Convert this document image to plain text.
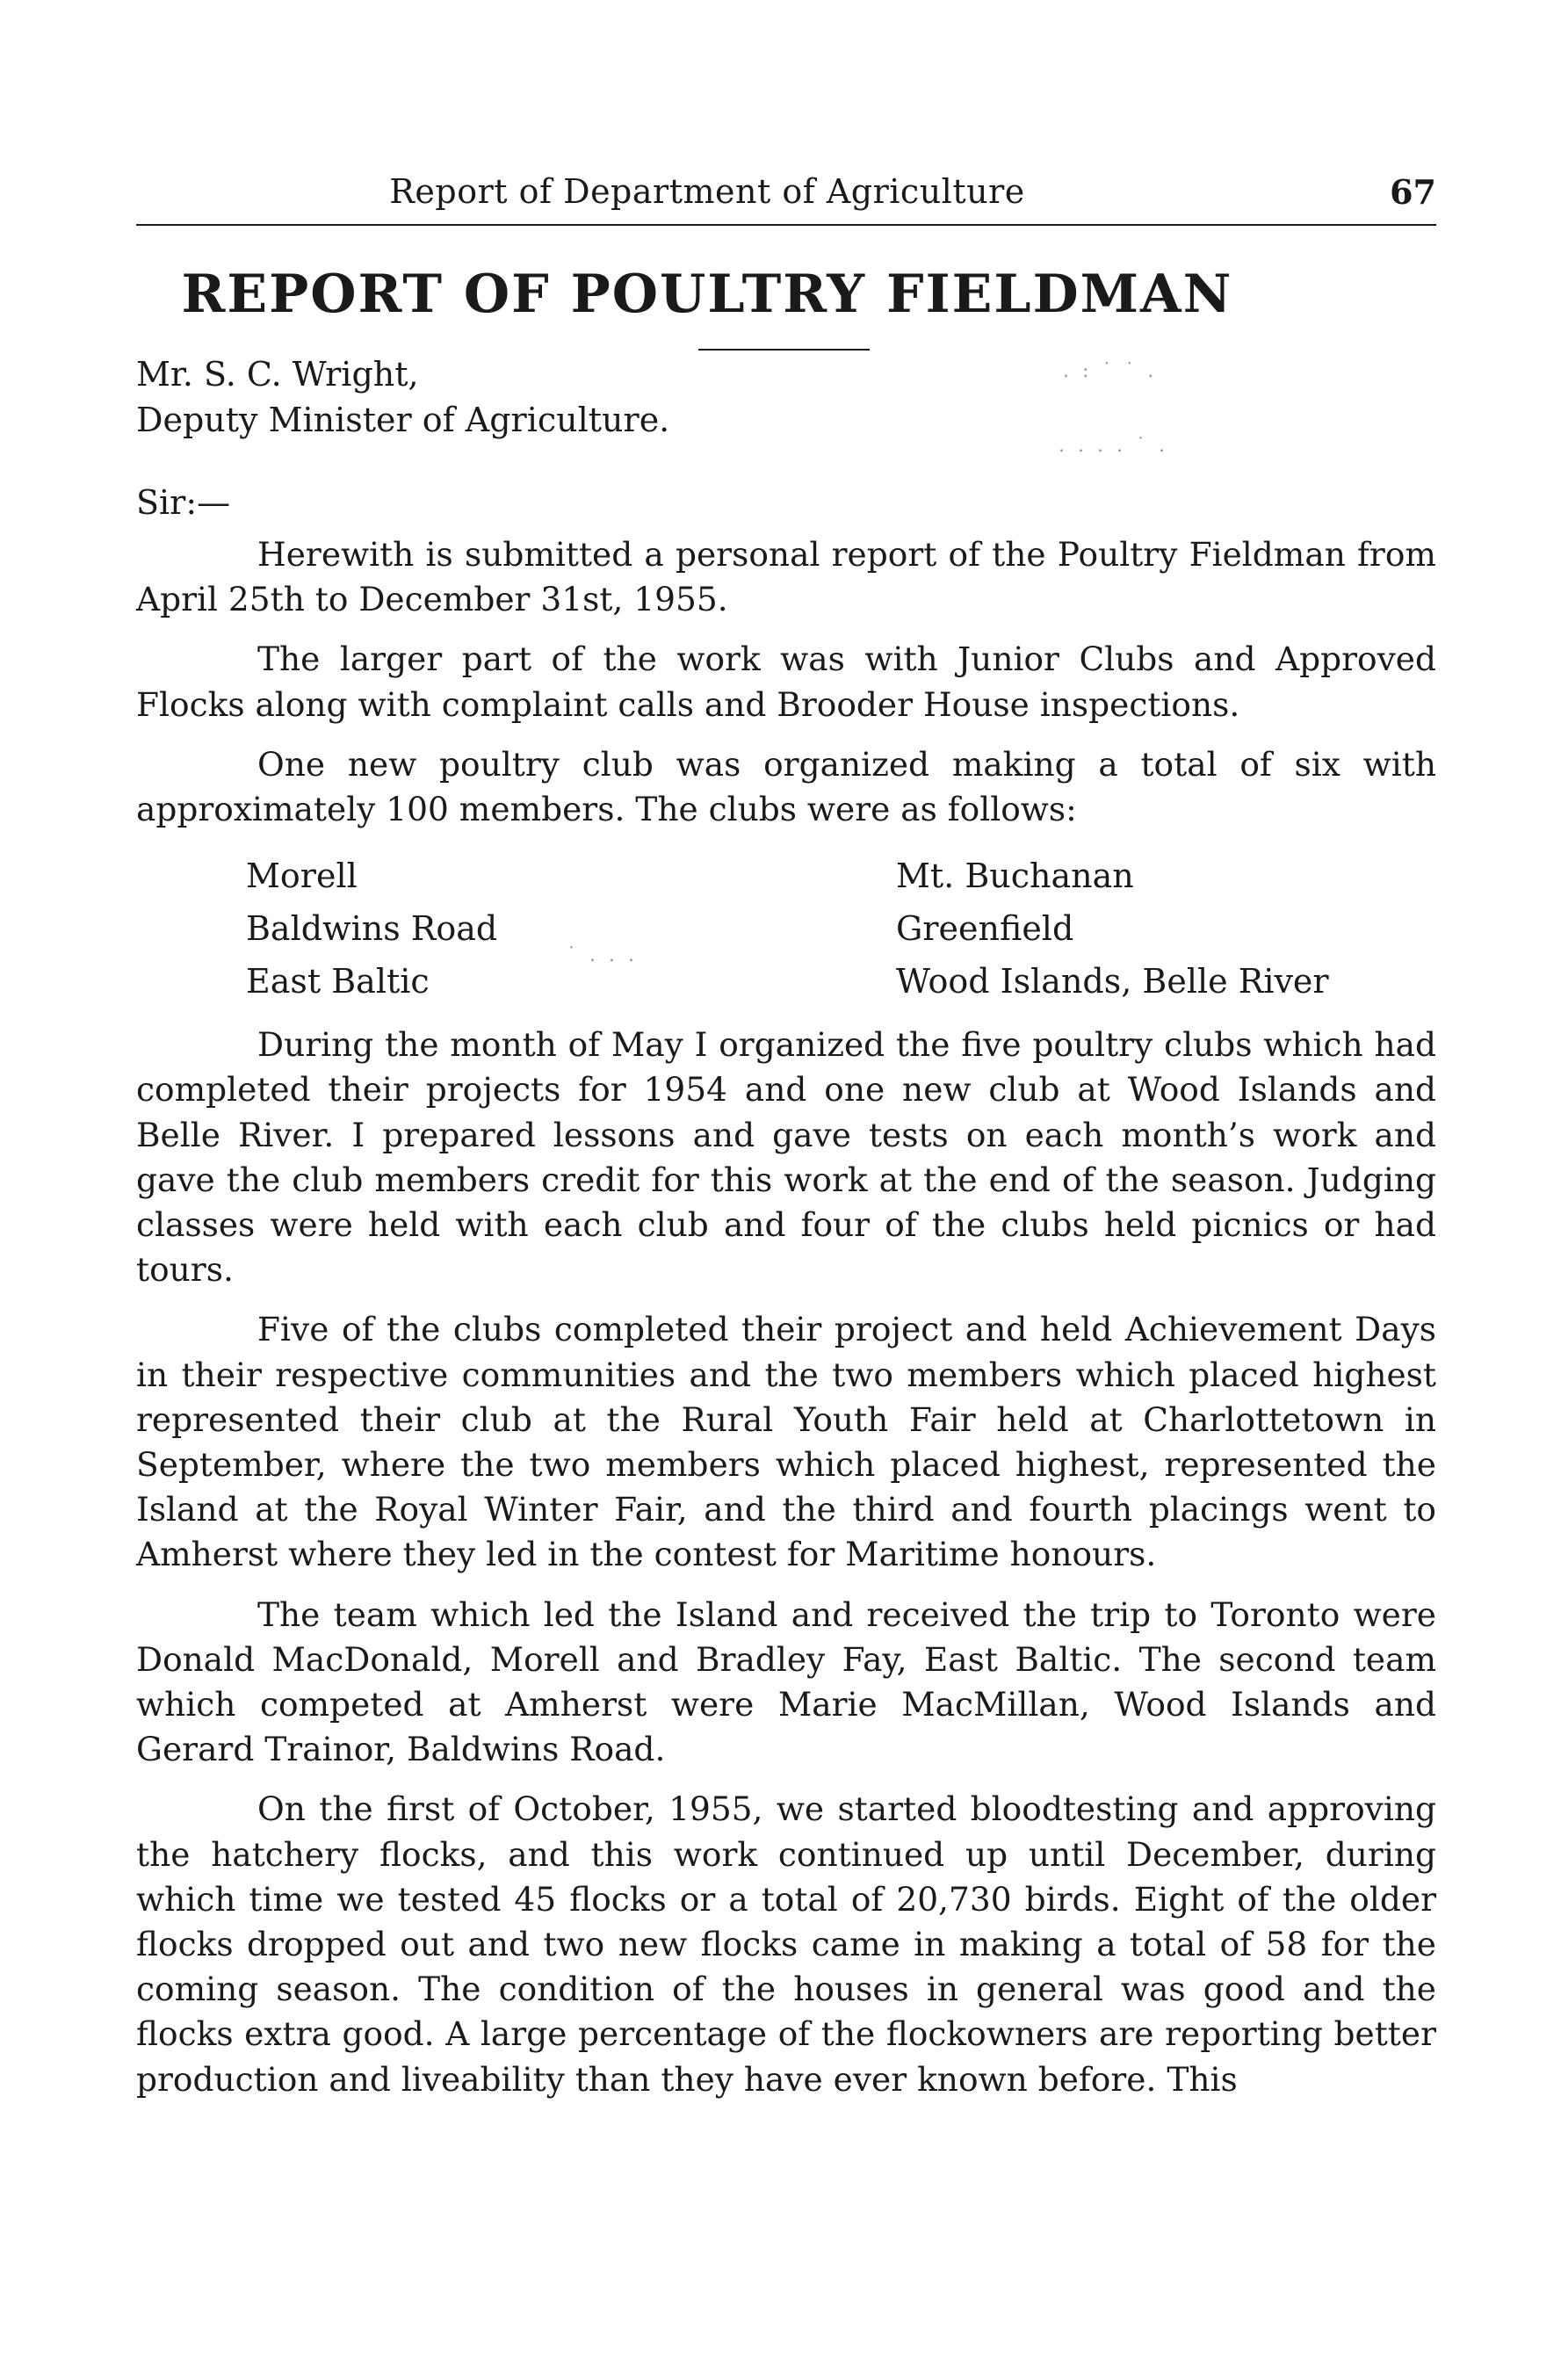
Report of Department of Agriculture	67
REPORT OF POULTRY FIELDMAN
Mr. S. C. Wright,
Deputy Minister of Agriculture.
Sir:—

Herewith is submitted a personal report of the Poultry Fieldman from April 25th to December 31st, 1955.

The larger part of the work was with Junior Clubs and Approved Flocks along with complaint calls and Brooder House inspections.

One new poultry club was organized making a total of six with approximately 100 members. The clubs were as follows:

Morell
Baldwins Road
East Baltic
Mt. Buchanan
Greenfield
Wood Islands, Belle River

During the month of May I organized the five poultry clubs which had completed their projects for 1954 and one new club at Wood Islands and Belle River. I prepared lessons and gave tests on each month’s work and gave the club members credit for this work at the end of the season. Judging classes were held with each club and four of the clubs held picnics or had tours.

Five of the clubs completed their project and held Achievement Days in their respective communities and the two members which placed highest represented their club at the Rural Youth Fair held at Charlottetown in September, where the two members which placed highest, represented the Island at the Royal Winter Fair, and the third and fourth placings went to Amherst where they led in the contest for Maritime honours.

The team which led the Island and received the trip to Toronto were Donald MacDonald, Morell and Bradley Fay, East Baltic. The second team which competed at Amherst were Marie MacMillan, Wood Islands and Gerard Trainor, Baldwins Road.

On the first of October, 1955, we started bloodtesting and approving the hatchery flocks, and this work continued up until December, during which time we tested 45 flocks or a total of 20,730 birds. Eight of the older flocks dropped out and two new flocks came in making a total of 58 for the coming season. The condition of the houses in general was good and the flocks extra good. A large percentage of the flockowners are reporting better production and liveability than they have ever known before. This

. : ˙ ˙ .
. . . . ˙ .
˙ . . .
